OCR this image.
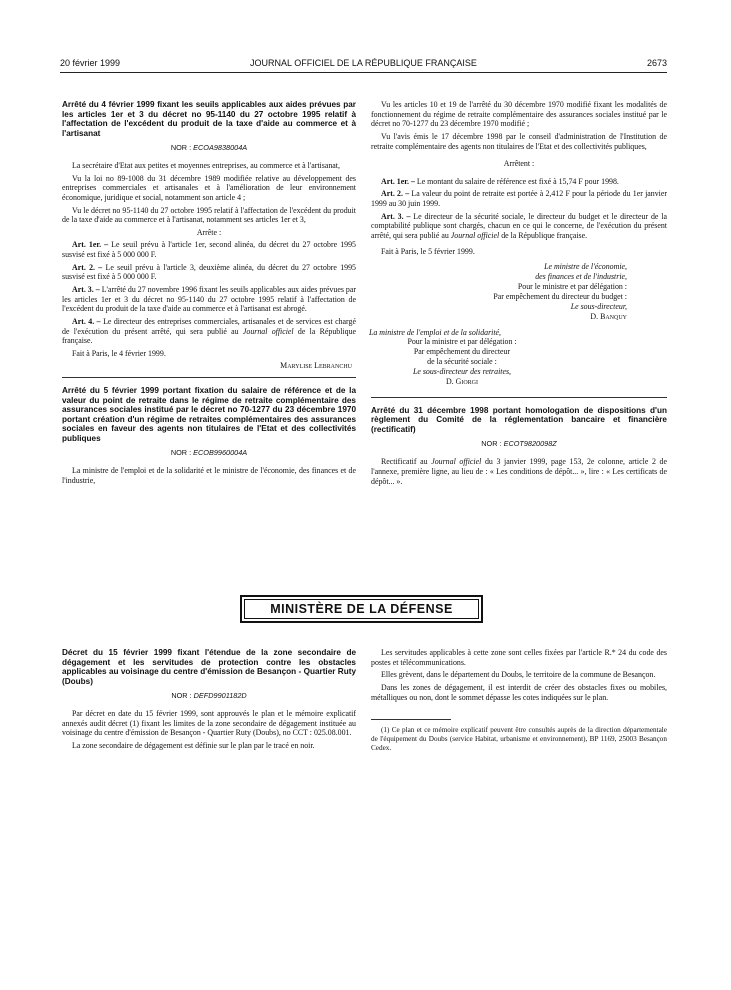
20 février 1999	JOURNAL OFFICIEL DE LA RÉPUBLIQUE FRANÇAISE	2673
Arrêté du 4 février 1999 fixant les seuils applicables aux aides prévues par les articles 1er et 3 du décret no 95-1140 du 27 octobre 1995 relatif à l'affectation de l'excédent du produit de la taxe d'aide au commerce et à l'artisanat
NOR : ECOA9838004A

La secrétaire d'Etat aux petites et moyennes entreprises, au commerce et à l'artisanat,

Vu la loi no 89-1008 du 31 décembre 1989 modifiée relative au développement des entreprises commerciales et artisanales et à l'amélioration de leur environnement économique, juridique et social, notamment son article 4 ;

Vu le décret no 95-1140 du 27 octobre 1995 relatif à l'affectation de l'excédent du produit de la taxe d'aide au commerce et à l'artisanat, notamment ses articles 1er et 3,

Arrête :

Art. 1er. – Le seuil prévu à l'article 1er, second alinéa, du décret du 27 octobre 1995 susvisé est fixé à 5 000 000 F.

Art. 2. – Le seuil prévu à l'article 3, deuxième alinéa, du décret du 27 octobre 1995 susvisé est fixé à 5 000 000 F.

Art. 3. – L'arrêté du 27 novembre 1996 fixant les seuils applicables aux aides prévues par les articles 1er et 3 du décret no 95-1140 du 27 octobre 1995 relatif à l'affectation de l'excédent du produit de la taxe d'aide au commerce et à l'artisanat est abrogé.

Art. 4. – Le directeur des entreprises commerciales, artisanales et de services est chargé de l'exécution du présent arrêté, qui sera publié au Journal officiel de la République française.

Fait à Paris, le 4 février 1999.

Marylise Lebranchu

Arrêté du 5 février 1999 portant fixation du salaire de référence et de la valeur du point de retraite dans le régime de retraite complémentaire des assurances sociales institué par le décret no 70-1277 du 23 décembre 1970 portant création d'un régime de retraites complémentaires des assurances sociales en faveur des agents non titulaires de l'Etat et des collectivités publiques
NOR : ECOB9960004A

La ministre de l'emploi et de la solidarité et le ministre de l'économie, des finances et de l'industrie,

Vu les articles 10 et 19 de l'arrêté du 30 décembre 1970 modifié fixant les modalités de fonctionnement du régime de retraite complémentaire des assurances sociales institué par le décret no 70-1277 du 23 décembre 1970 modifié ;

Vu l'avis émis le 17 décembre 1998 par le conseil d'administration de l'Institution de retraite complémentaire des agents non titulaires de l'Etat et des collectivités publiques,

Arrêtent :

Art. 1er. – Le montant du salaire de référence est fixé à 15,74 F pour 1998.

Art. 2. – La valeur du point de retraite est portée à 2,412 F pour la période du 1er janvier 1999 au 30 juin 1999.

Art. 3. – Le directeur de la sécurité sociale, le directeur du budget et le directeur de la comptabilité publique sont chargés, chacun en ce qui le concerne, de l'exécution du présent arrêté, qui sera publié au Journal officiel de la République française.

Fait à Paris, le 5 février 1999.

Le ministre de l'économie,
des finances et de l'industrie,
Pour le ministre et par délégation :
Par empêchement du directeur du budget :
Le sous-directeur,
D. Banquy
La ministre de l'emploi et de la solidarité,
Pour la ministre et par délégation :
Par empêchement du directeur
de la sécurité sociale :
Le sous-directeur des retraites,
D. Giorgi
Arrêté du 31 décembre 1998 portant homologation de dispositions d'un règlement du Comité de la réglementation bancaire et financière (rectificatif)
NOR : ECOT9820098Z

Rectificatif au Journal officiel du 3 janvier 1999, page 153, 2e colonne, article 2 de l'annexe, première ligne, au lieu de : « Les conditions de dépôt... », lire : « Les certificats de dépôt... ».

MINISTÈRE DE LA DÉFENSE
Décret du 15 février 1999 fixant l'étendue de la zone secondaire de dégagement et les servitudes de protection contre les obstacles applicables au voisinage du centre d'émission de Besançon - Quartier Ruty (Doubs)
NOR : DEFD9901182D

Par décret en date du 15 février 1999, sont approuvés le plan et le mémoire explicatif annexés audit décret (1) fixant les limites de la zone secondaire de dégagement instituée au voisinage du centre d'émission de Besançon - Quartier Ruty (Doubs), no CCT : 025.08.001.

La zone secondaire de dégagement est définie sur le plan par le tracé en noir.

Les servitudes applicables à cette zone sont celles fixées par l'article R.* 24 du code des postes et télécommunications.

Elles grèvent, dans le département du Doubs, le territoire de la commune de Besançon.

Dans les zones de dégagement, il est interdit de créer des obstacles fixes ou mobiles, métalliques ou non, dont le sommet dépasse les cotes indiquées sur le plan.

(1) Ce plan et ce mémoire explicatif peuvent être consultés auprès de la direction départementale de l'équipement du Doubs (service Habitat, urbanisme et environnement), BP 1169, 25003 Besançon Cedex.
